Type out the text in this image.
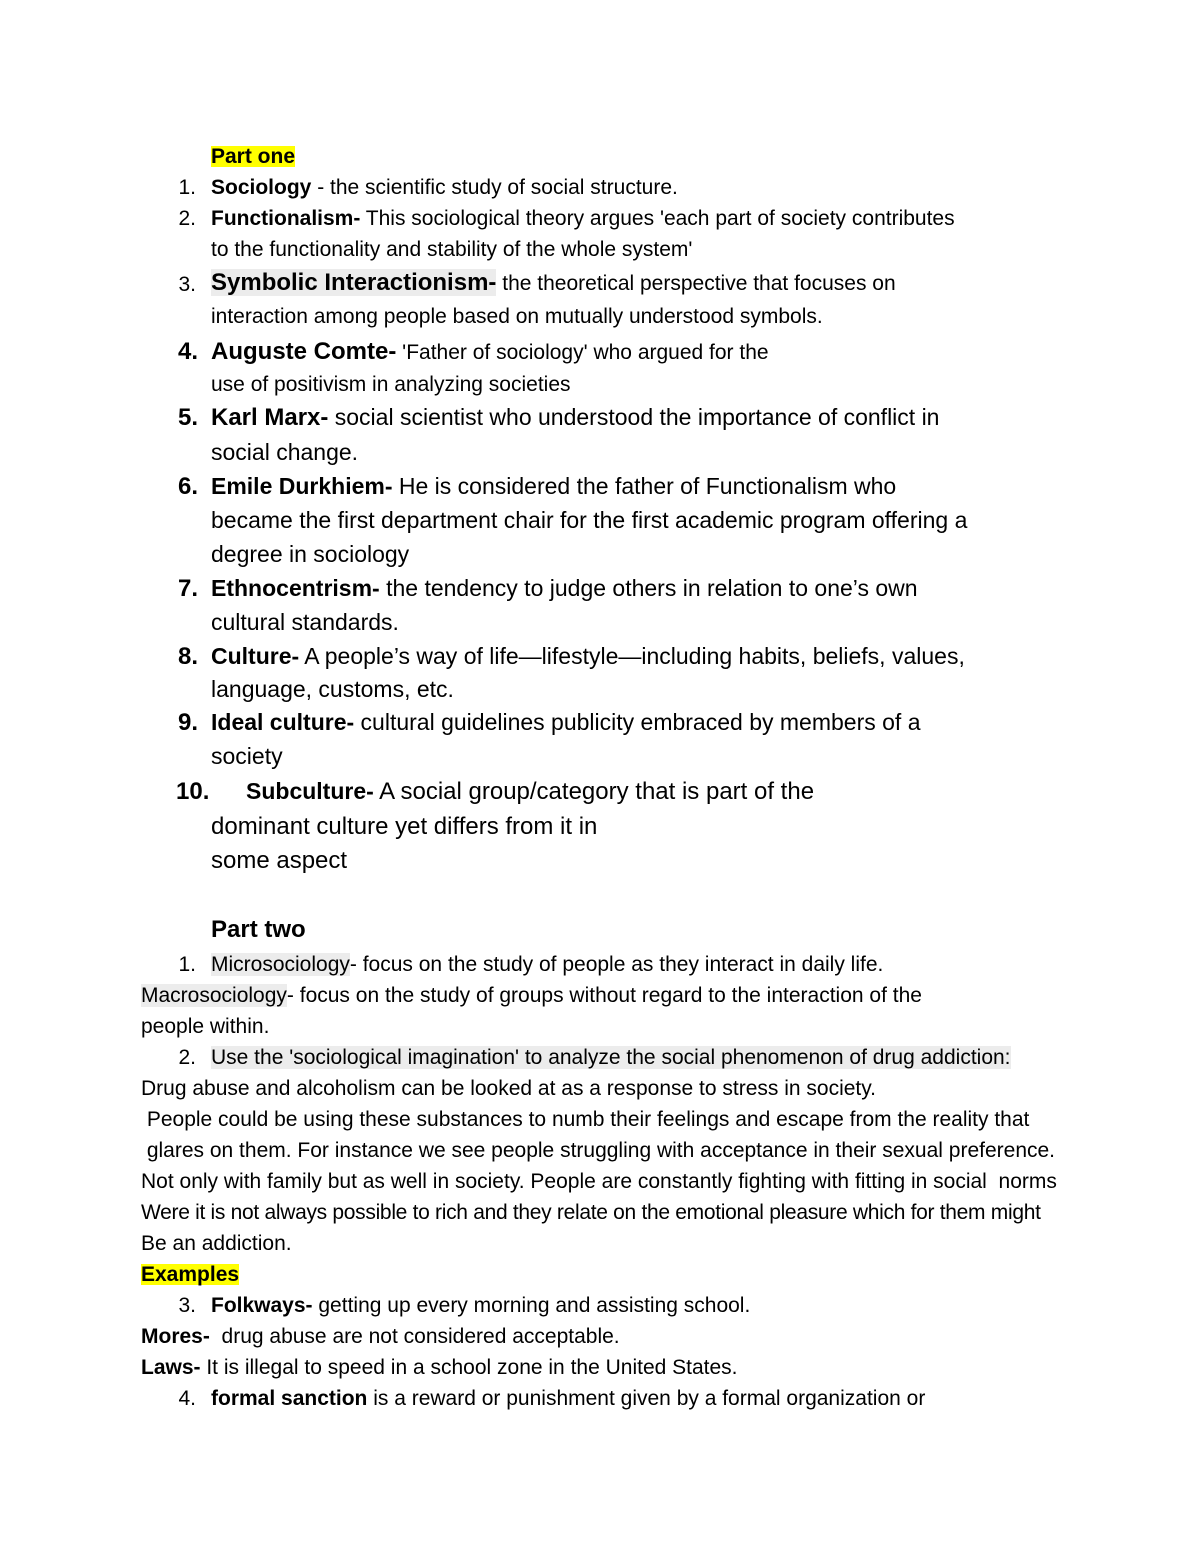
Part one
1. Sociology - the scientific study of social structure.
2. Functionalism- This sociological theory argues 'each part of society contributes
to the functionality and stability of the whole system'
3. Symbolic Interactionism- the theoretical perspective that focuses on
interaction among people based on mutually understood symbols.
4. Auguste Comte- 'Father of sociology' who argued for the
use of positivism in analyzing societies
5. Karl Marx- social scientist who understood the importance of conflict in
social change.
6. Emile Durkhiem- He is considered the father of Functionalism who
became the first department chair for the first academic program offering a
degree in sociology
7. Ethnocentrism- the tendency to judge others in relation to one’s own
cultural standards.
8. Culture- A people’s way of life—lifestyle—including habits, beliefs, values,
language, customs, etc.
9. Ideal culture- cultural guidelines publicity embraced by members of a
society
10. Subculture- A social group/category that is part of the
dominant culture yet differs from it in
some aspect
Part two
1. Microsociology- focus on the study of people as they interact in daily life.
Macrosociology- focus on the study of groups without regard to the interaction of the
people within.
2. Use the 'sociological imagination' to analyze the social phenomenon of drug addiction:
Drug abuse and alcoholism can be looked at as a response to stress in society.
People could be using these substances to numb their feelings and escape from the reality that
glares on them. For instance we see people struggling with acceptance in their sexual preference.
Not only with family but as well in society. People are constantly fighting with fitting in social  norms
Were it is not always possible to rich and they relate on the emotional pleasure which for them might
Be an addiction.
Examples
3. Folkways- getting up every morning and assisting school.
Mores-  drug abuse are not considered acceptable.
Laws- It is illegal to speed in a school zone in the United States.
4. formal sanction is a reward or punishment given by a formal organization or
